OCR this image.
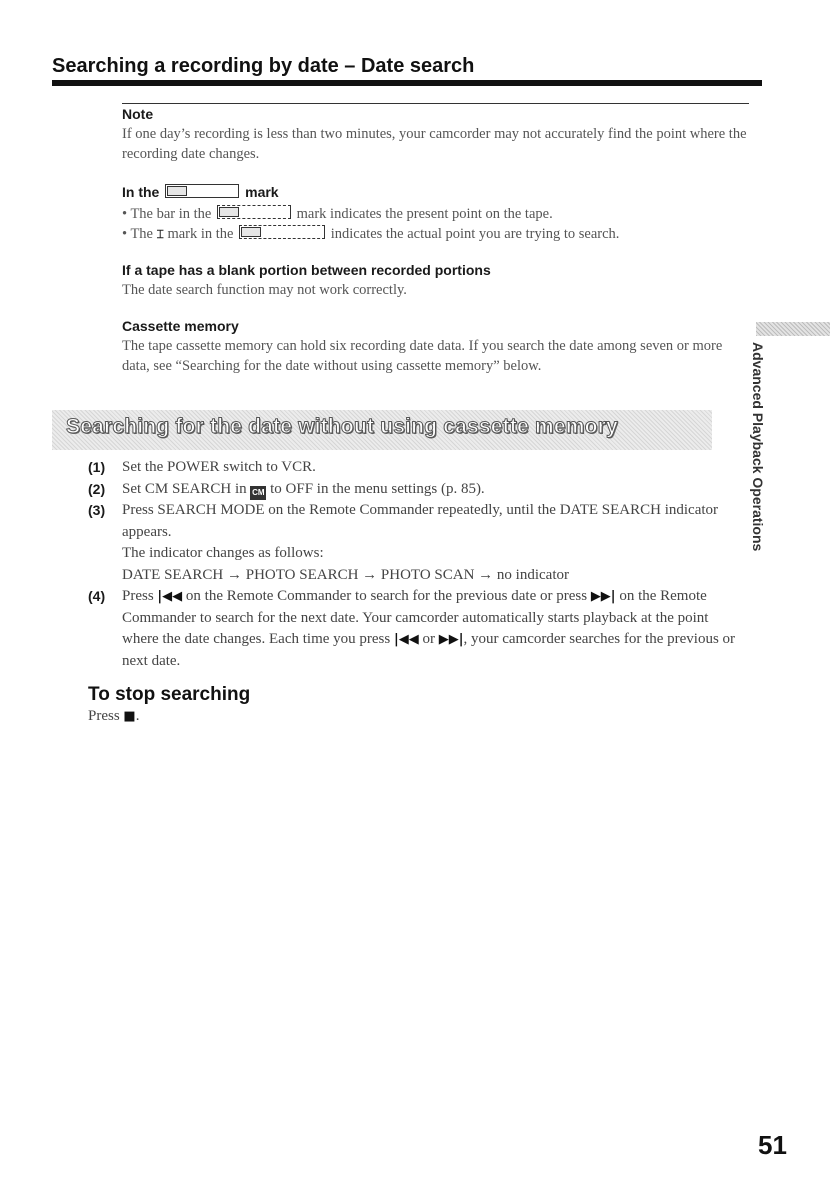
Searching a recording by date – Date search

Note

If one day’s recording is less than two minutes, your camcorder may not accurately find the point where the recording date changes.

In the	mark

• The bar in the	mark indicates the present point on the tape.

• The ⌶ mark in the	indicates the actual point you are trying to search.

If a tape has a blank portion between recorded portions

The date search function may not work correctly.

Cassette memory

The tape cassette memory can hold six recording date data. If you search the date among seven or more data, see “Searching for the date without using cassette memory” below.

Searching for the date without using cassette memory
(1) Set the POWER switch to VCR.
(2) Set CM SEARCH in CM to OFF in the menu settings (p. 85).
(3) Press SEARCH MODE on the Remote Commander repeatedly, until the DATE SEARCH indicator appears.
The indicator changes as follows:
DATE SEARCH → PHOTO SEARCH → PHOTO SCAN → no indicator
(4) Press |◀◀ on the Remote Commander to search for the previous date or press ▶▶| on the Remote Commander to search for the next date. Your camcorder automatically starts playback at the point where the date changes. Each time you press |◀◀ or ▶▶|, your camcorder searches for the previous or next date.
To stop searching
Press ■.
Advanced Playback Operations
51
